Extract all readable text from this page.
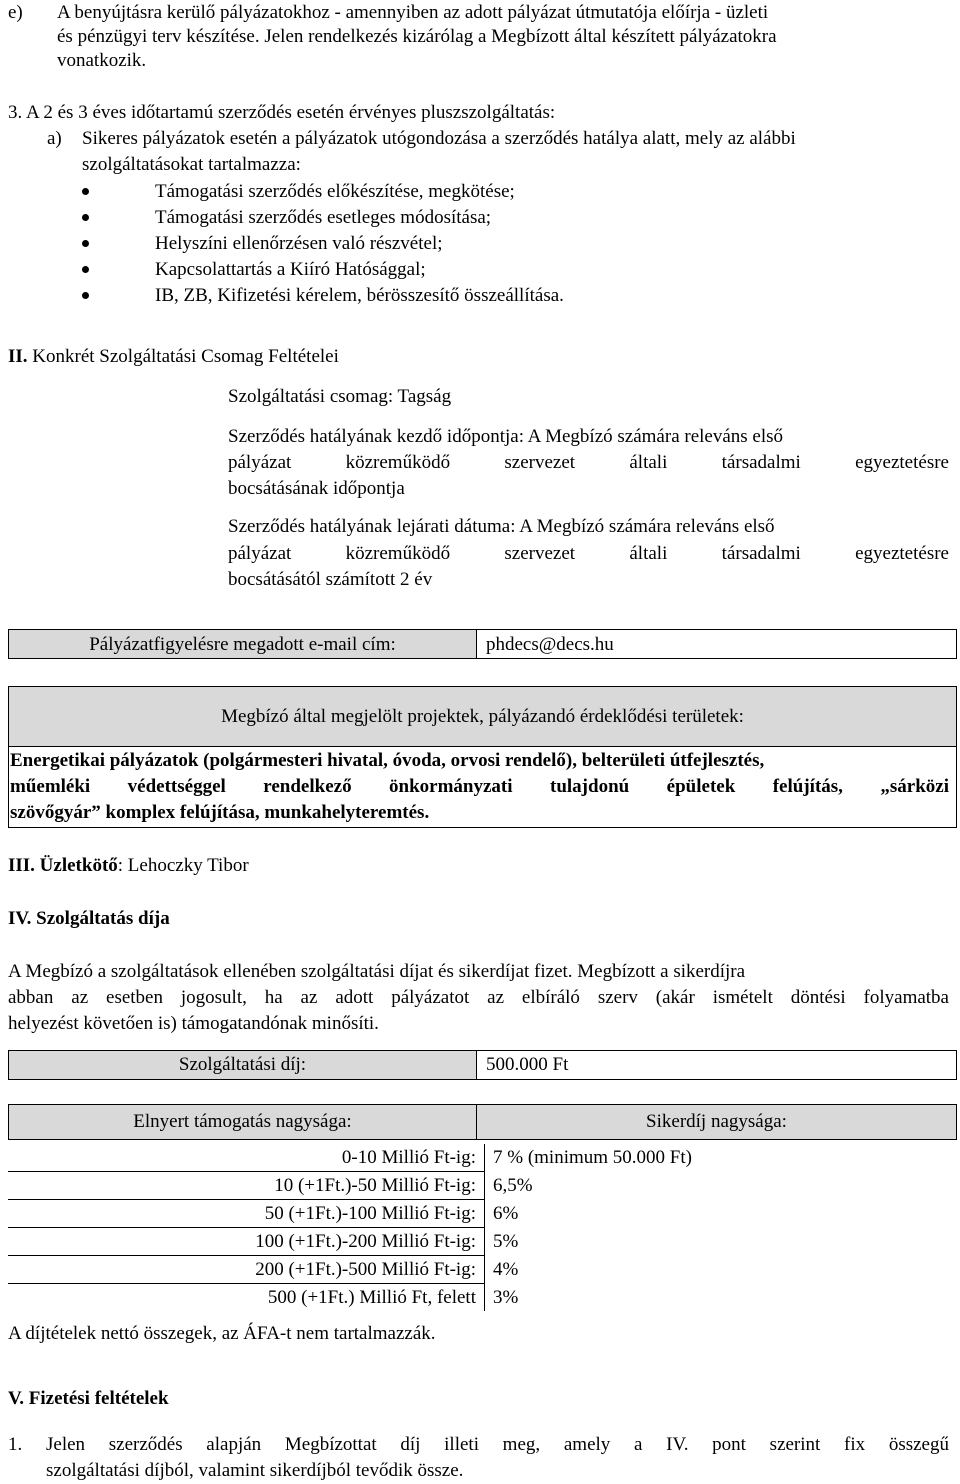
e) A benyújtásra kerülő pályázatokhoz - amennyiben az adott pályázat útmutatója előírja - üzleti
és pénzügyi terv készítése. Jelen rendelkezés kizárólag a Megbízott által készített pályázatokra
vonatkozik.
3. A 2 és 3 éves időtartamú szerződés esetén érvényes pluszszolgáltatás:
a) Sikeres pályázatok esetén a pályázatok utógondozása a szerződés hatálya alatt, mely az alábbi
szolgáltatásokat tartalmazza:
Támogatási szerződés előkészítése, megkötése;
Támogatási szerződés esetleges módosítása;
Helyszíni ellenőrzésen való részvétel;
Kapcsolattartás a Kiíró Hatósággal;
IB, ZB, Kifizetési kérelem, bérösszesítő összeállítása.
II. Konkrét Szolgáltatási Csomag Feltételei
Szolgáltatási csomag: Tagság
Szerződés hatályának kezdő időpontja: A Megbízó számára releváns első
pályázat közreműködő szervezet általi társadalmi egyeztetésre
bocsátásának időpontja
Szerződés hatályának lejárati dátuma: A Megbízó számára releváns első
pályázat közreműködő szervezet általi társadalmi egyeztetésre
bocsátásától számított 2 év
Pályázatfigyelésre megadott e-mail cím:	phdecs@decs.hu
Megbízó által megjelölt projektek, pályázandó érdeklődési területek:
Energetikai pályázatok (polgármesteri hivatal, óvoda, orvosi rendelő), belterületi útfejlesztés,
műemléki védettséggel rendelkező önkormányzati tulajdonú épületek felújítás, „sárközi
szövőgyár” komplex felújítása, munkahelyteremtés.
III. Üzletkötő: Lehoczky Tibor
IV. Szolgáltatás díja
A Megbízó a szolgáltatások ellenében szolgáltatási díjat és sikerdíjat fizet. Megbízott a sikerdíjra
abban az esetben jogosult, ha az adott pályázatot az elbíráló szerv (akár ismételt döntési folyamatba
helyezést követően is) támogatandónak minősíti.
Szolgáltatási díj:	500.000 Ft
Elnyert támogatás nagysága:	Sikerdíj nagysága:
0-10 Millió Ft-ig:	7 % (minimum 50.000 Ft)
10 (+1Ft.)-50 Millió Ft-ig:	6,5%
50 (+1Ft.)-100 Millió Ft-ig:	6%
100 (+1Ft.)-200 Millió Ft-ig:	5%
200 (+1Ft.)-500 Millió Ft-ig:	4%
500 (+1Ft.) Millió Ft, felett	3%
A díjtételek nettó összegek, az ÁFA-t nem tartalmazzák.
V. Fizetési feltételek
1. Jelen szerződés alapján Megbízottat díj illeti meg, amely a IV. pont szerint fix összegű
szolgáltatási díjból, valamint sikerdíjból tevődik össze.
